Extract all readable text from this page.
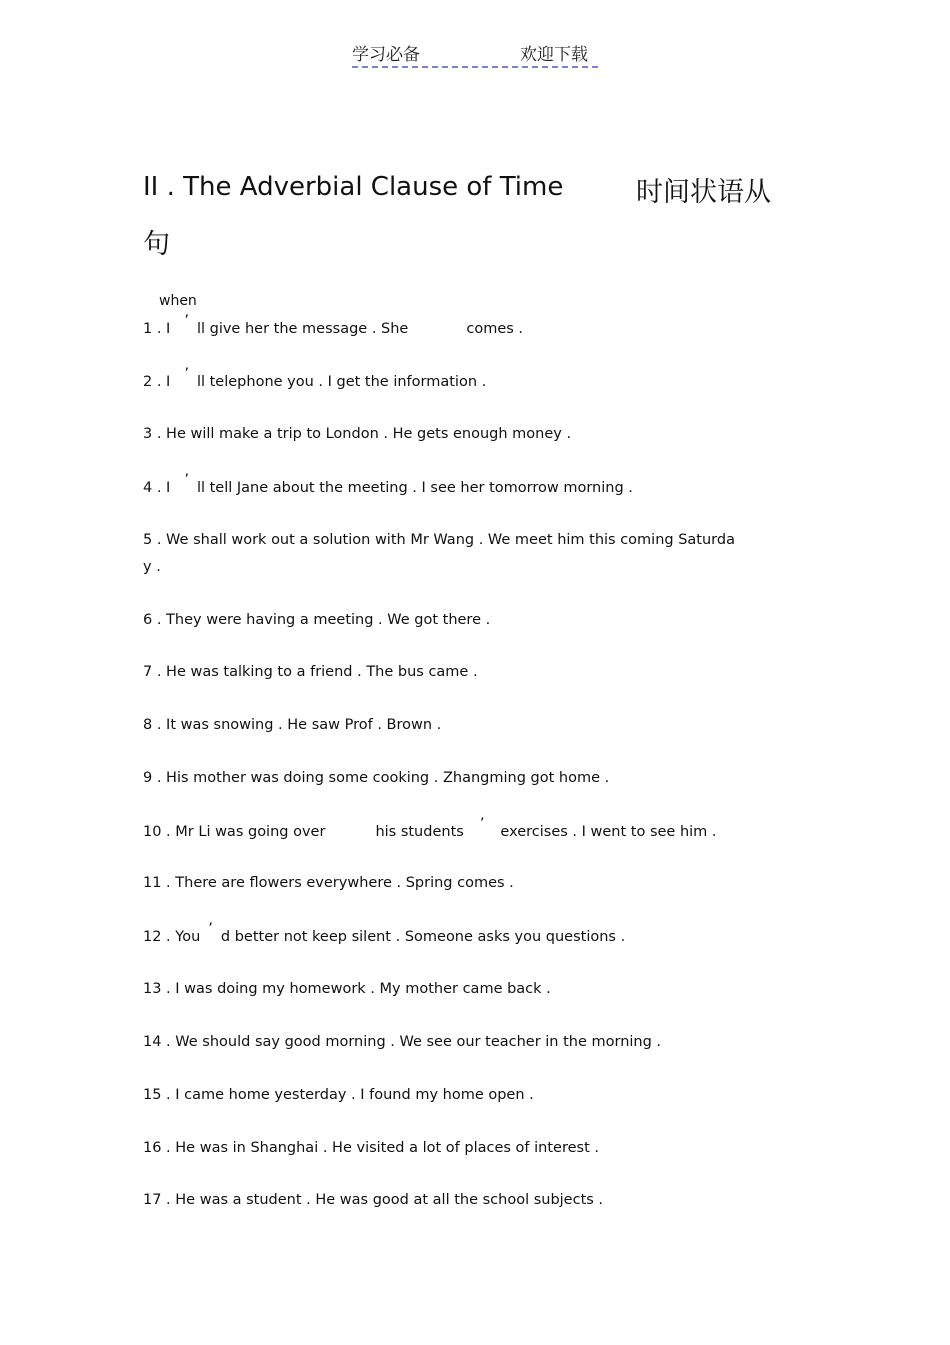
学习必备	欢迎下载
II . The Adverbial Clause of Time	时间状语从
句
when
1 . I ’ ll give her the message . She	comes .
2 . I ’ ll telephone you . I get the information .
3 . He will make a trip to London . He gets enough money .
4 . I ’ ll tell Jane about the meeting . I see her tomorrow morning .
5 . We shall work out a solution with Mr Wang . We meet him this coming Saturda
y .
6 . They were having a meeting . We got there .
7 . He was talking to a friend . The bus came .
8 . It was snowing . He saw Prof . Brown .
9 . His mother was doing some cooking . Zhangming got home .
10 . Mr Li was going over	his students ’ exercises . I went to see him .
11 . There are flowers everywhere . Spring comes .
12 . You ’ d better not keep silent . Someone asks you questions .
13 . I was doing my homework . My mother came back .
14 . We should say good morning . We see our teacher in the morning .
15 . I came home yesterday . I found my home open .
16 . He was in Shanghai . He visited a lot of places of interest .
17 . He was a student . He was good at all the school subjects .
